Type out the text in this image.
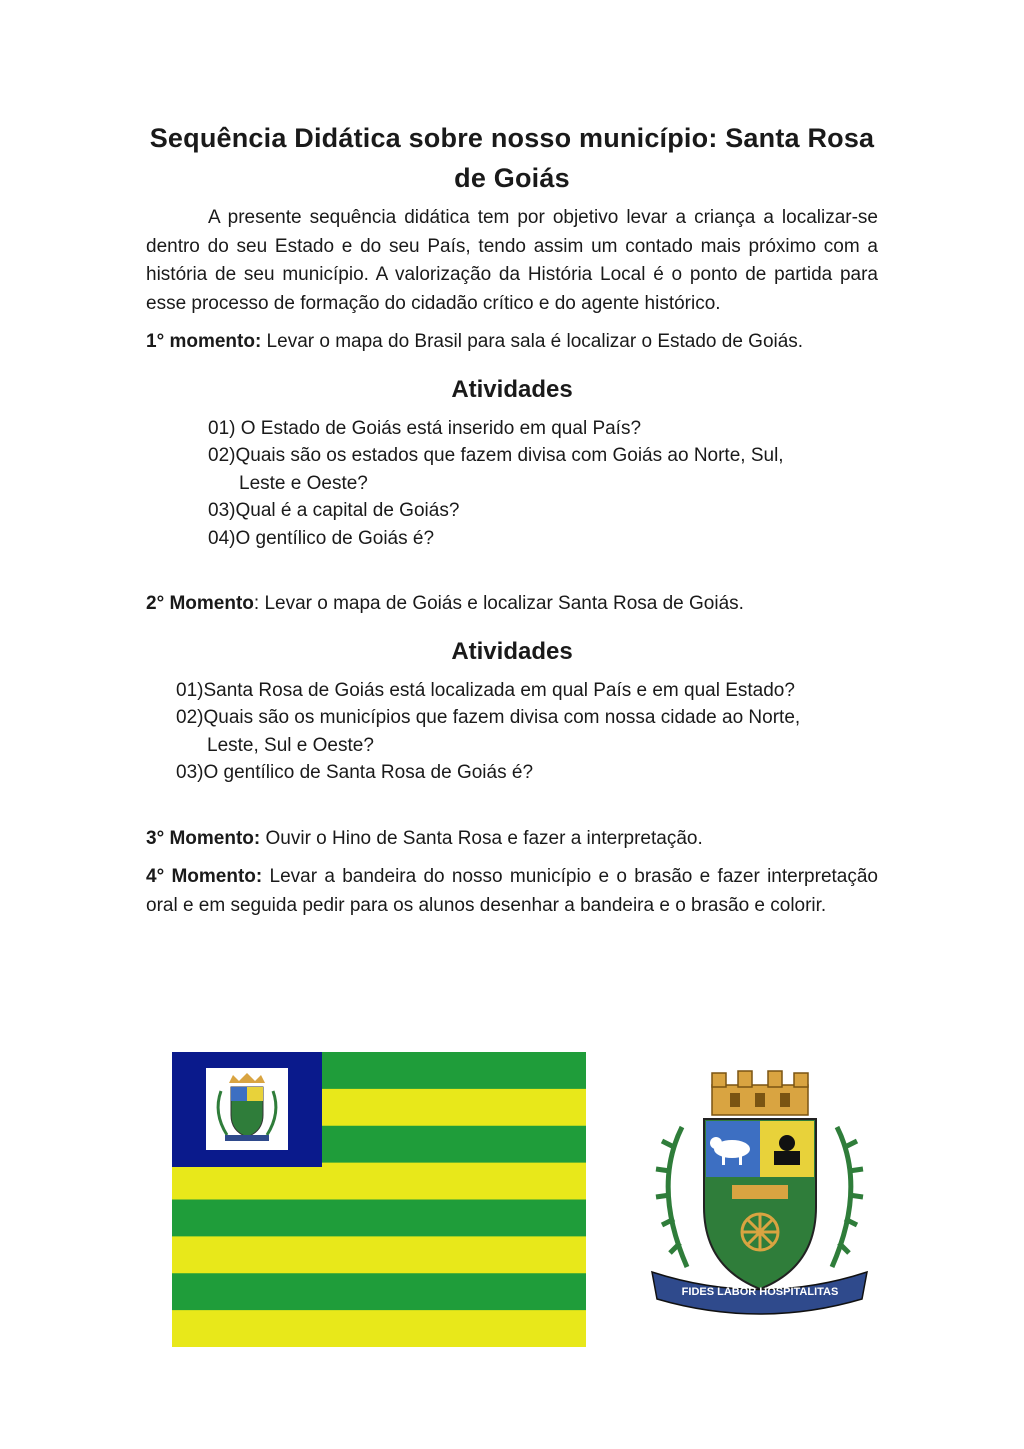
Sequência Didática sobre nosso município: Santa Rosa
de Goiás

A presente sequência didática tem por objetivo levar a criança a localizar-se dentro do seu Estado e do seu País, tendo assim um contado mais próximo com a história de seu município. A valorização da História Local é o ponto de partida para esse processo de formação do cidadão crítico e do agente histórico.

1° momento: Levar o mapa do Brasil para sala é localizar o Estado de Goiás.

Atividades
01) O Estado de Goiás está inserido em qual País?
02)Quais são os estados que fazem divisa com Goiás ao Norte, Sul,
Leste e Oeste?
03)Qual é a capital de Goiás?
04)O gentílico de Goiás é?

2° Momento: Levar o mapa de Goiás e localizar Santa Rosa de Goiás.

Atividades
01)Santa Rosa de Goiás está localizada em qual País e em qual Estado?
02)Quais são os municípios que fazem divisa com nossa cidade ao Norte,
Leste, Sul e Oeste?
03)O gentílico de Santa Rosa de Goiás é?

3° Momento: Ouvir o Hino de Santa Rosa e fazer a interpretação.

4° Momento: Levar a bandeira do nosso município e o brasão e fazer interpretação oral e em seguida pedir para os alunos desenhar a bandeira e o brasão e colorir.

FIDES LABOR HOSPITALITAS
